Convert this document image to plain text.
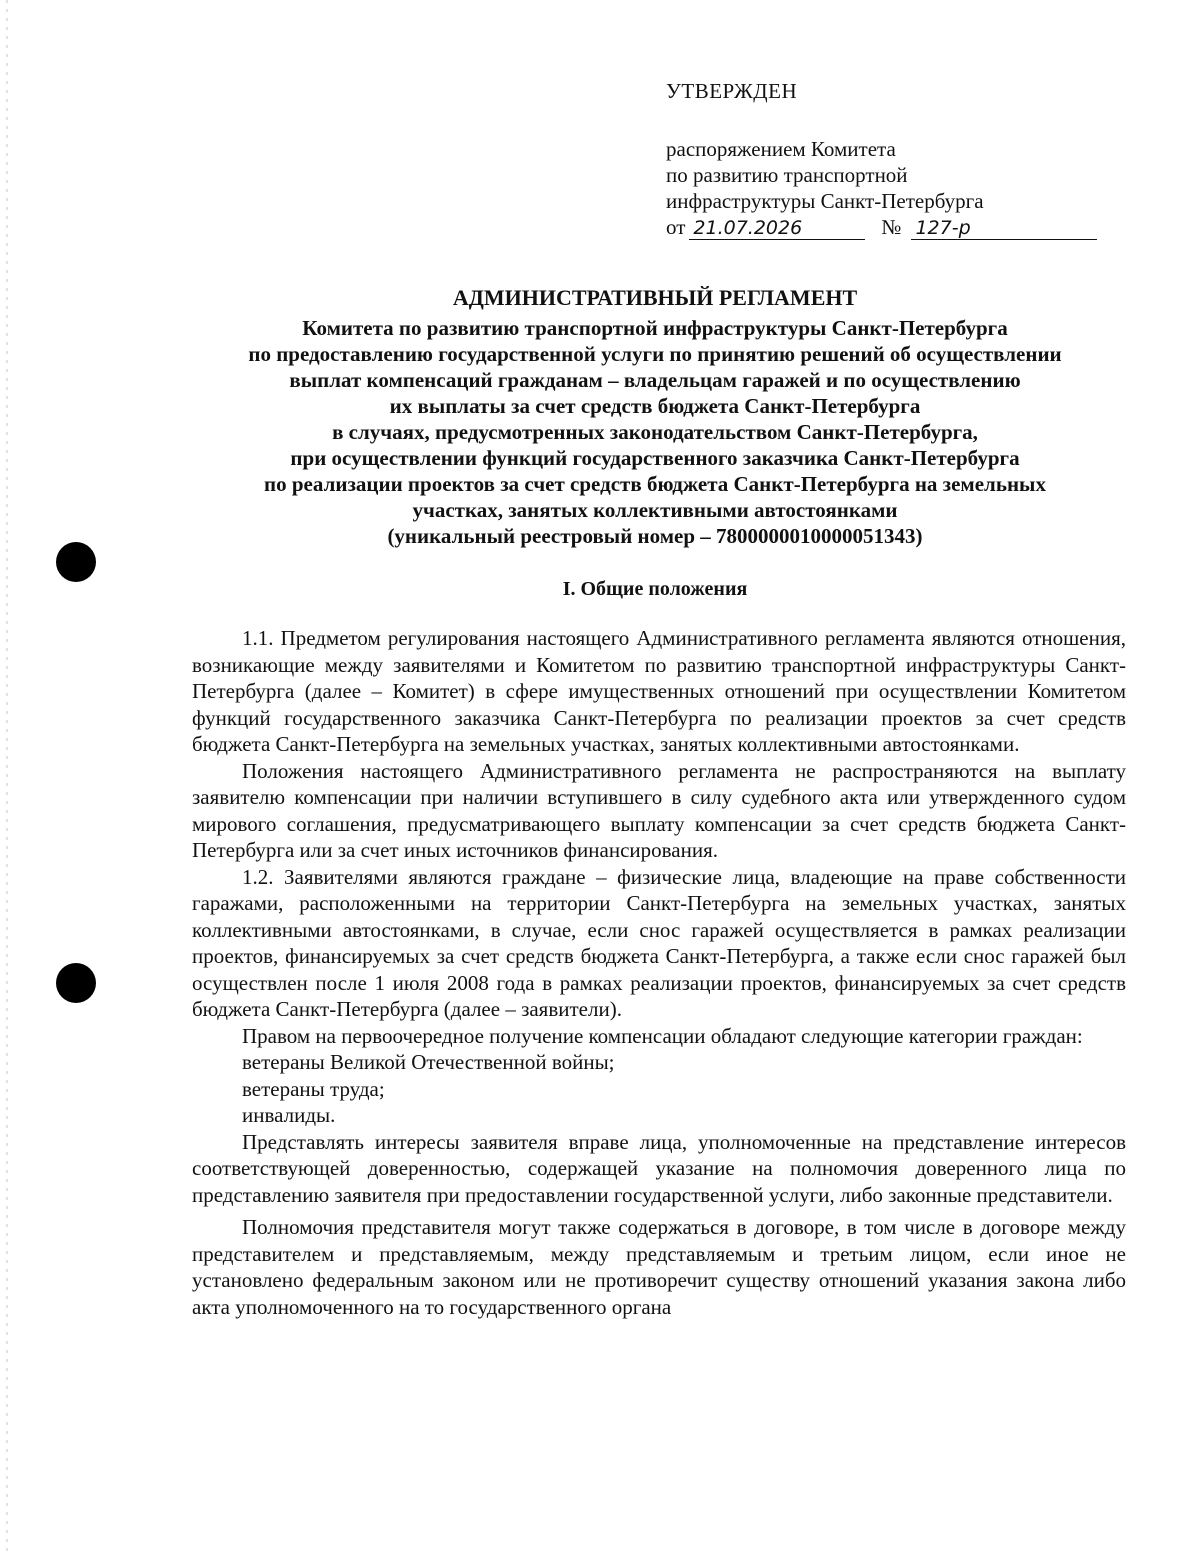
УТВЕРЖДЕН

распоряжением Комитета

по развитию транспортной

инфраструктуры Санкт-Петербурга

от 21.07.2026	№ 127-р

АДМИНИСТРАТИВНЫЙ РЕГЛАМЕНТ

Комитета по развитию транспортной инфраструктуры Санкт-Петербурга

по предоставлению государственной услуги по принятию решений об осуществлении

выплат компенсаций гражданам – владельцам гаражей и по осуществлению

их выплаты за счет средств бюджета Санкт-Петербурга

в случаях, предусмотренных законодательством Санкт-Петербурга,

при осуществлении функций государственного заказчика Санкт-Петербурга

по реализации проектов за счет средств бюджета Санкт-Петербурга на земельных

участках, занятых коллективными автостоянками

(уникальный реестровый номер – 7800000010000051343)

I. Общие положения

1.1. Предметом регулирования настоящего Административного регламента являются отношения, возникающие между заявителями и Комитетом по развитию транспортной инфраструктуры Санкт-Петербурга (далее – Комитет) в сфере имущественных отношений при осуществлении Комитетом функций государственного заказчика Санкт-Петербурга по реализации проектов за счет средств бюджета Санкт-Петербурга на земельных участках, занятых коллективными автостоянками.

Положения настоящего Административного регламента не распространяются на выплату заявителю компенсации при наличии вступившего в силу судебного акта или утвержденного судом мирового соглашения, предусматривающего выплату компенсации за счет средств бюджета Санкт-Петербурга или за счет иных источников финансирования.

1.2. Заявителями являются граждане – физические лица, владеющие на праве собственности гаражами, расположенными на территории Санкт-Петербурга на земельных участках, занятых коллективными автостоянками, в случае, если снос гаражей осуществляется в рамках реализации проектов, финансируемых за счет средств бюджета Санкт-Петербурга, а также если снос гаражей был осуществлен после 1 июля 2008 года в рамках реализации проектов, финансируемых за счет средств бюджета Санкт-Петербурга (далее – заявители).

Правом на первоочередное получение компенсации обладают следующие категории граждан:

ветераны Великой Отечественной войны;

ветераны труда;

инвалиды.

Представлять интересы заявителя вправе лица, уполномоченные на представление интересов соответствующей доверенностью, содержащей указание на полномочия доверенного лица по представлению заявителя при предоставлении государственной услуги, либо законные представители.

Полномочия представителя могут также содержаться в договоре, в том числе в договоре между представителем и представляемым, между представляемым и третьим лицом, если иное не установлено федеральным законом или не противоречит существу отношений указания закона либо акта уполномоченного на то государственного органа
